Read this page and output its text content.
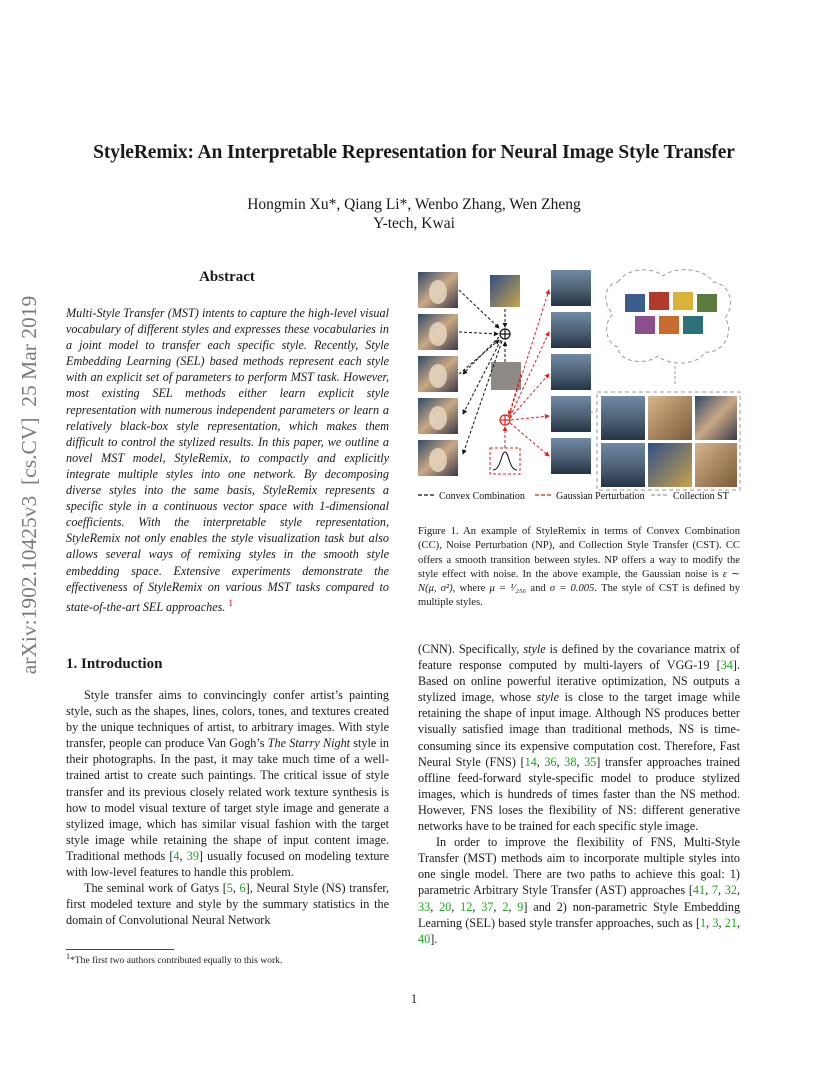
StyleRemix: An Interpretable Representation for Neural Image Style Transfer
Hongmin Xu*, Qiang Li*, Wenbo Zhang, Wen Zheng
Y-tech, Kwai
arXiv:1902.10425v3  [cs.CV]  25 Mar 2019
Abstract
Multi-Style Transfer (MST) intents to capture the high-level visual vocabulary of different styles and expresses these vocabularies in a joint model to transfer each specific style. Recently, Style Embedding Learning (SEL) based methods represent each style with an explicit set of parameters to perform MST task. However, most existing SEL methods either learn explicit style representation with numerous independent parameters or learn a relatively black-box style representation, which makes them difficult to control the stylized results. In this paper, we outline a novel MST model, StyleRemix, to compactly and explicitly integrate multiple styles into one network. By decomposing diverse styles into the same basis, StyleRemix represents a specific style in a continuous vector space with 1-dimensional coefficients. With the interpretable style representation, StyleRemix not only enables the style visualization task but also allows several ways of remixing styles in the smooth style embedding space. Extensive experiments demonstrate the effectiveness of StyleRemix on various MST tasks compared to state-of-the-art SEL approaches. $^1$
1. Introduction

Style transfer aims to convincingly confer artist’s painting style, such as the shapes, lines, colors, tones, and textures created by the unique techniques of artist, to arbitrary images. With style transfer, people can produce Van Gogh’s The Starry Night style in their photographs. In the past, it may take much time of a well-trained artist to create such paintings. The critical issue of style transfer and its previous closely related work texture synthesis is how to model visual texture of target style image and generate a stylized image, which has similar visual fashion with the target style image while retaining the shape of input content image. Traditional methods [4, 39] usually focused on modeling texture with low-level features to handle this problem.

The seminal work of Gatys [5, 6], Neural Style (NS) transfer, first modeled texture and style by the summary statistics in the domain of Convolutional Neural Network

$^1$*The first two authors contributed equally to this work.
Convex Combination	Gaussian Perturbation	Collection ST
Figure 1. An example of StyleRemix in terms of Convex Combination (CC), Noise Perturbation (NP), and Collection Style Transfer (CST). CC offers a smooth transition between styles. NP offers a way to modify the style effect with noise. In the above example, the Gaussian noise is ε ∼ N(μ, σ²), where μ = ¹⁄₂₅₆ and σ = 0.005. The style of CST is defined by multiple styles.

(CNN). Specifically, style is defined by the covariance matrix of feature response computed by multi-layers of VGG-19 [34]. Based on online powerful iterative optimization, NS outputs a stylized image, whose style is close to the target image while retaining the shape of input image. Although NS produces better visually satisfied image than traditional methods, NS is time-consuming since its expensive computation cost. Therefore, Fast Neural Style (FNS) [14, 36, 38, 35] transfer approaches trained offline feed-forward style-specific model to produce stylized images, which is hundreds of times faster than the NS method. However, FNS loses the flexibility of NS: different generative networks have to be trained for each specific style image.

In order to improve the flexibility of FNS, Multi-Style Transfer (MST) methods aim to incorporate multiple styles into one single model. There are two paths to achieve this goal: 1) parametric Arbitrary Style Transfer (AST) approaches [41, 7, 32, 33, 20, 12, 37, 2, 9] and 2) non-parametric Style Embedding Learning (SEL) based style transfer approaches, such as [1, 3, 21, 40].

1
